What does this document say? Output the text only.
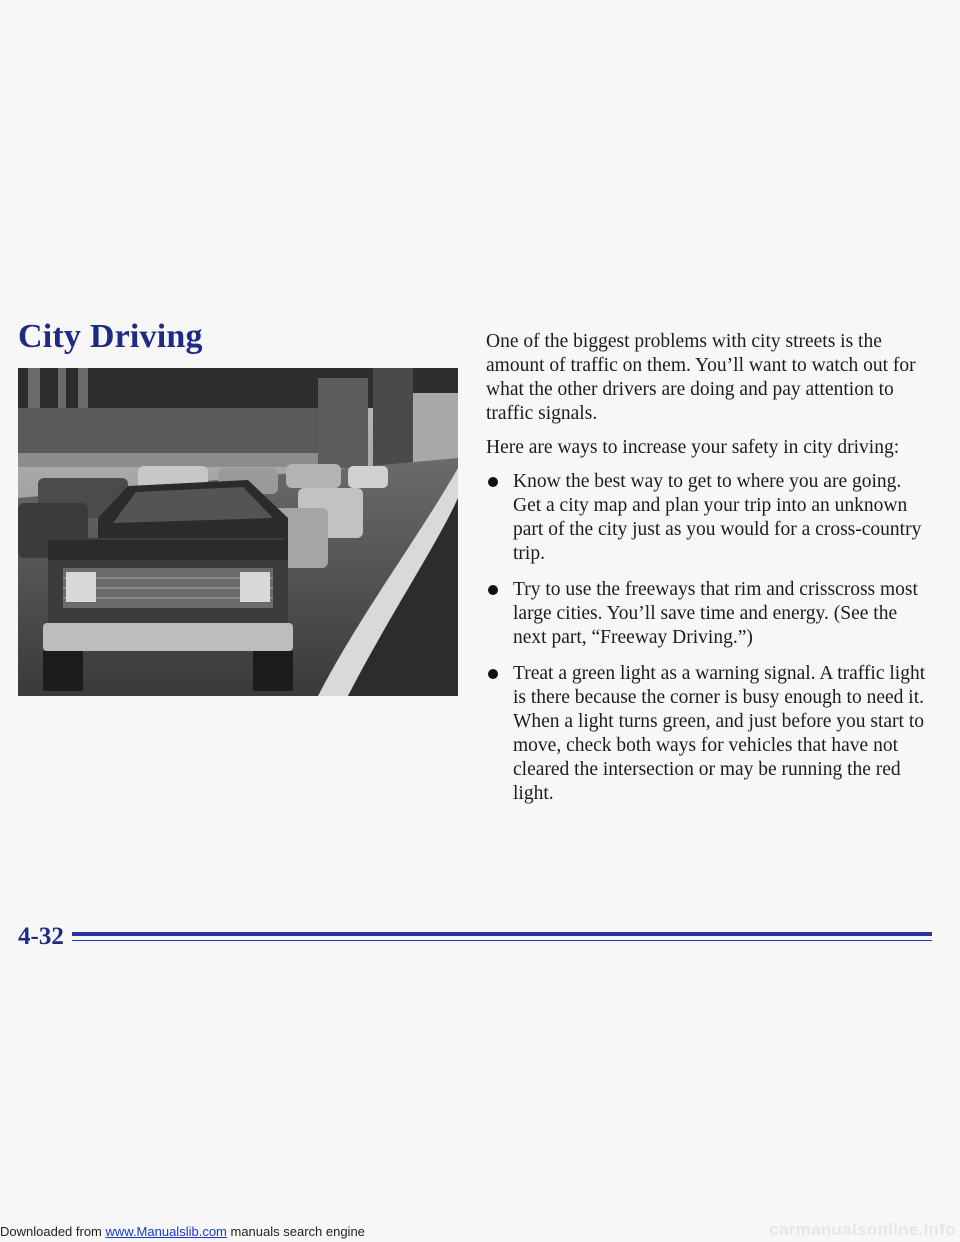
City Driving	One of the biggest problems with city streets is the amount of traffic on them. You’ll want to watch out for what the other drivers are doing and pay attention to traffic signals.

Here are ways to increase your safety in city driving:

Know the best way to get to where you are going. Get a city map and plan your trip into an unknown part of the city just as you would for a cross-country trip.
Try to use the freeways that rim and crisscross most large cities. You’ll save time and energy. (See the next part, “Freeway Driving.”)
Treat a green light as a warning signal. A traffic light is there because the corner is busy enough to need it. When a light turns green, and just before you start to move, check both ways for vehicles that have not cleared the intersection or may be running the red light.
4-32
Downloaded from www.Manualslib.com manuals search engine	carmanualsonline.info
